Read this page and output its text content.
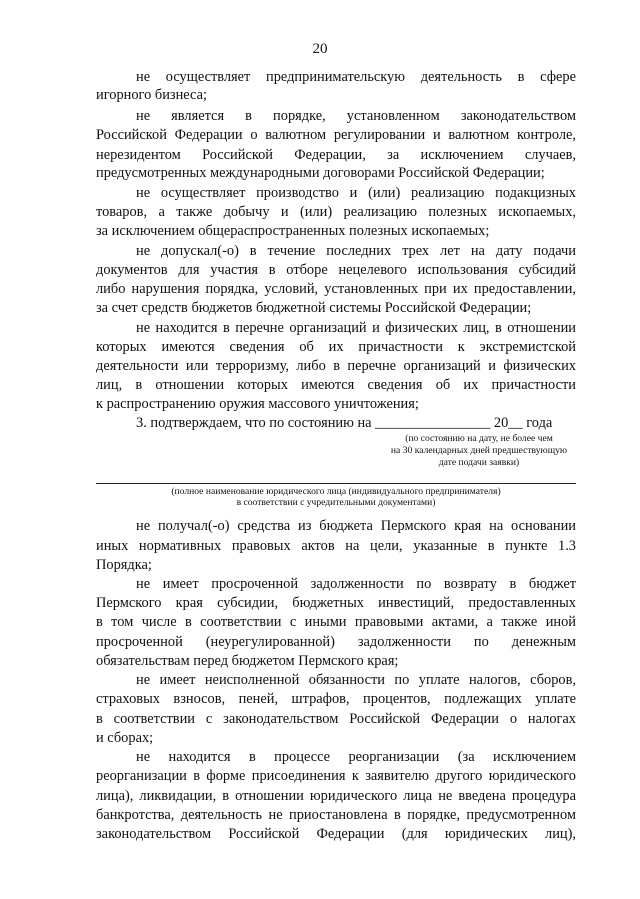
20
не осуществляет предпринимательскую деятельность в сфере
игорного бизнеса;
не является в порядке, установленном законодательством
Российской Федерации о валютном регулировании и валютном контроле,
нерезидентом Российской Федерации, за исключением случаев,
предусмотренных международными договорами Российской Федерации;
не осуществляет производство и (или) реализацию подакцизных
товаров, а также добычу и (или) реализацию полезных ископаемых,
за исключением общераспространенных полезных ископаемых;
не допускал(-о) в течение последних трех лет на дату подачи
документов для участия в отборе нецелевого использования субсидий
либо нарушения порядка, условий, установленных при их предоставлении,
за счет средств бюджетов бюджетной системы Российской Федерации;
не находится в перечне организаций и физических лиц, в отношении
которых имеются сведения об их причастности к экстремистской
деятельности или терроризму, либо в перечне организаций и физических
лиц, в отношении которых имеются сведения об их причастности
к распространению оружия массового уничтожения;
3. подтверждаем, что по состоянию на ________________ 20__ года
(по состоянию на дату, не более чем
на 30 календарных дней предшествующую
дате подачи заявки)
(полное наименование юридического лица (индивидуального предпринимателя)
в соответствии с учредительными документами)
не получал(-о) средства из бюджета Пермского края на основании
иных нормативных правовых актов на цели, указанные в пункте 1.3
Порядка;
не имеет просроченной задолженности по возврату в бюджет
Пермского края субсидии, бюджетных инвестиций, предоставленных
в том числе в соответствии с иными правовыми актами, а также иной
просроченной (неурегулированной) задолженности по денежным
обязательствам перед бюджетом Пермского края;
не имеет неисполненной обязанности по уплате налогов, сборов,
страховых взносов, пеней, штрафов, процентов, подлежащих уплате
в соответствии с законодательством Российской Федерации о налогах
и сборах;
не находится в процессе реорганизации (за исключением
реорганизации в форме присоединения к заявителю другого юридического
лица), ликвидации, в отношении юридического лица не введена процедура
банкротства, деятельность не приостановлена в порядке, предусмотренном
законодательством Российской Федерации (для юридических лиц),
